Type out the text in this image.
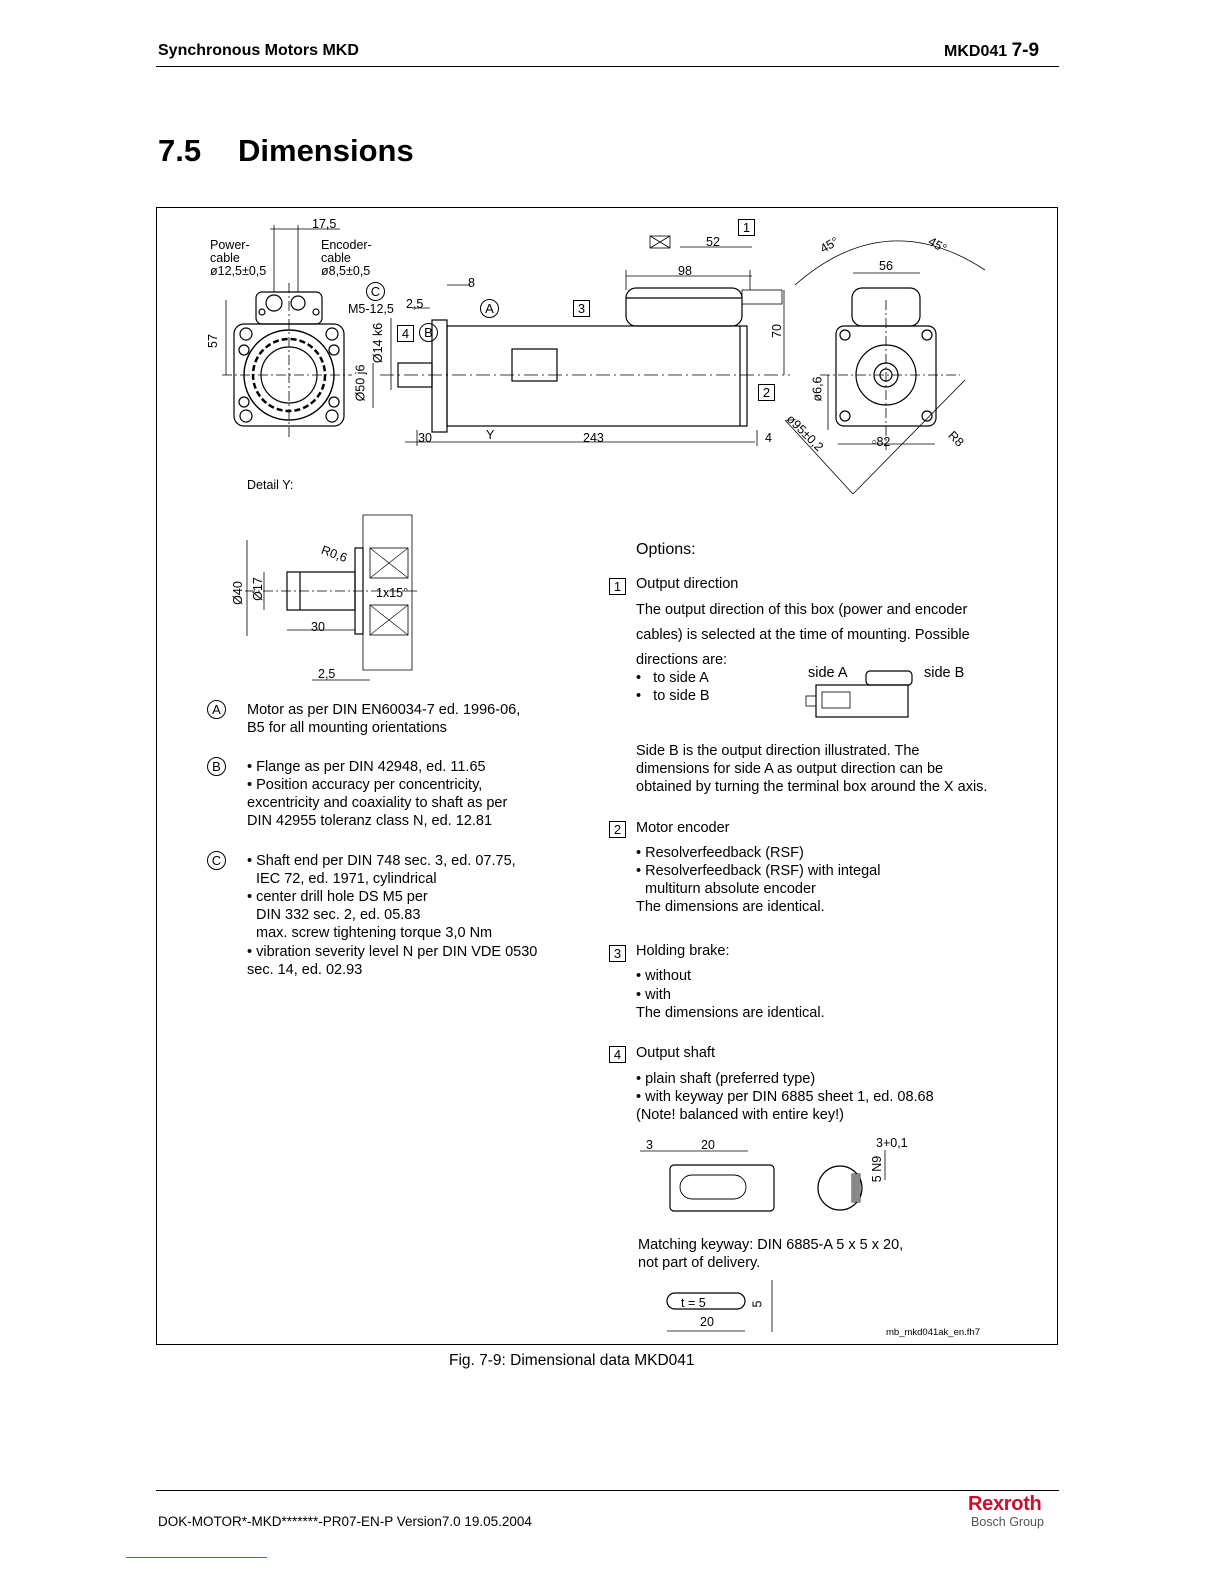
Synchronous Motors MKD	MKD041 7-9
7.5 Dimensions
17,5
Power-
cable
ø12,5±0,5
Encoder-
cable
ø8,5±0,5
57
C
M5-12,5 2,5
8
A
4	B
Ø14 k6
Ø50 j6
3
1
52
98
70
2
30	Y	243	4
45°	45°
56
ø6,6
ø95±0,2	▫82	R8
Detail Y:
R0,6
Ø40 Ø17	1x15°
30
2,5
A	Motor as per DIN EN60034-7 ed. 1996-06,
B5 for all mounting orientations
B	• Flange as per DIN 42948, ed. 11.65
• Position accuracy per concentricity,
excentricity and coaxiality to shaft as per
DIN 42955 toleranz class N, ed. 12.81
C	• Shaft end per DIN 748 sec. 3, ed. 07.75,
IEC 72, ed. 1971, cylindrical
• center drill hole DS M5 per
DIN 332 sec. 2, ed. 05.83
max. screw tightening torque 3,0 Nm
• vibration severity level N per DIN VDE 0530
sec. 14, ed. 02.93
Options:
1	Output direction
The output direction of this box (power and encoder
cables) is selected at the time of mounting. Possible
directions are:
•   to side A
•   to side B
side A	side B
Side B is the output direction illustrated. The
dimensions for side A as output direction can be
obtained by turning the terminal box around the X axis.
2	Motor encoder
• Resolverfeedback (RSF)
• Resolverfeedback (RSF) with integal
multiturn absolute encoder
The dimensions are identical.
3	Holding brake:
• without
• with
The dimensions are identical.
4	Output shaft
• plain shaft (preferred type)
• with keyway per DIN 6885 sheet 1, ed. 08.68
(Note! balanced with entire key!)
3	20	3+0,1
5 N9
Matching keyway: DIN 6885-A 5 x 5 x 20,
not part of delivery.
t = 5	5
20
mb_mkd041ak_en.fh7
Fig. 7-9: Dimensional data MKD041
DOK-MOTOR*-MKD*******-PR07-EN-P Version7.0 19.05.2004
Rexroth
Bosch Group
